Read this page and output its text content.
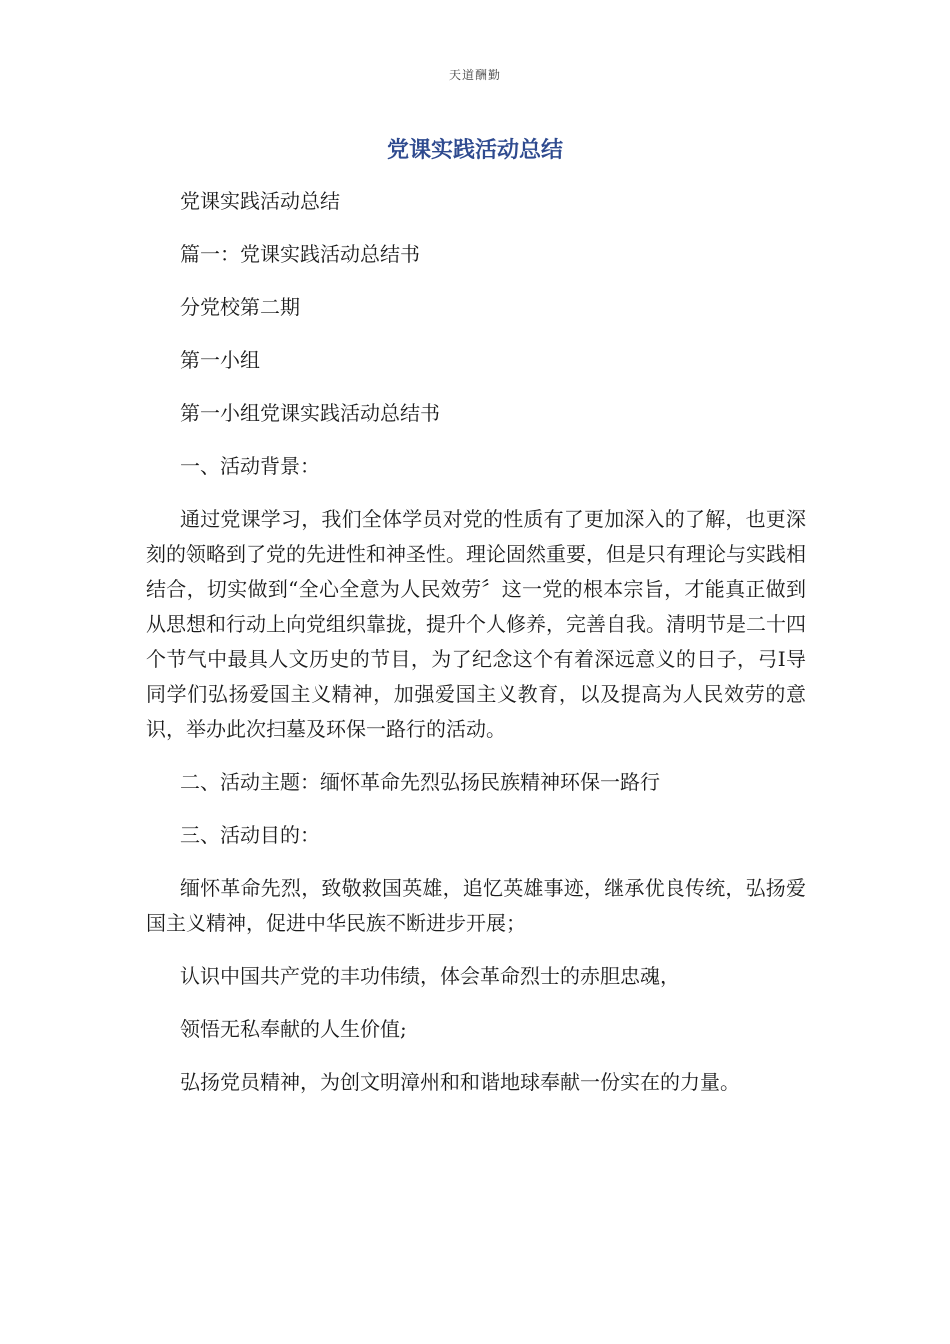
天道酬勤
党课实践活动总结

党课实践活动总结

篇一：党课实践活动总结书

分党校第二期

第一小组

第一小组党课实践活动总结书

一、活动背景：

通过党课学习，我们全体学员对党的性质有了更加深入的了解，也更深刻的领略到了党的先进性和神圣性。理论固然重要，但是只有理论与实践相结合，切实做到“全心全意为人民效劳〞这一党的根本宗旨，才能真正做到从思想和行动上向党组织靠拢，提升个人修养，完善自我。清明节是二十四个节气中最具人文历史的节目，为了纪念这个有着深远意义的日子，弓I导同学们弘扬爱国主义精神，加强爱国主义教育，以及提高为人民效劳的意识，举办此次扫墓及环保一路行的活动。

二、活动主题：缅怀革命先烈弘扬民族精神环保一路行

三、活动目的：

缅怀革命先烈，致敬救国英雄，追忆英雄事迹，继承优良传统，弘扬爱国主义精神，促进中华民族不断进步开展；

认识中国共产党的丰功伟绩，体会革命烈士的赤胆忠魂，

领悟无私奉献的人生价值;

弘扬党员精神，为创文明漳州和和谐地球奉献一份实在的力量。
